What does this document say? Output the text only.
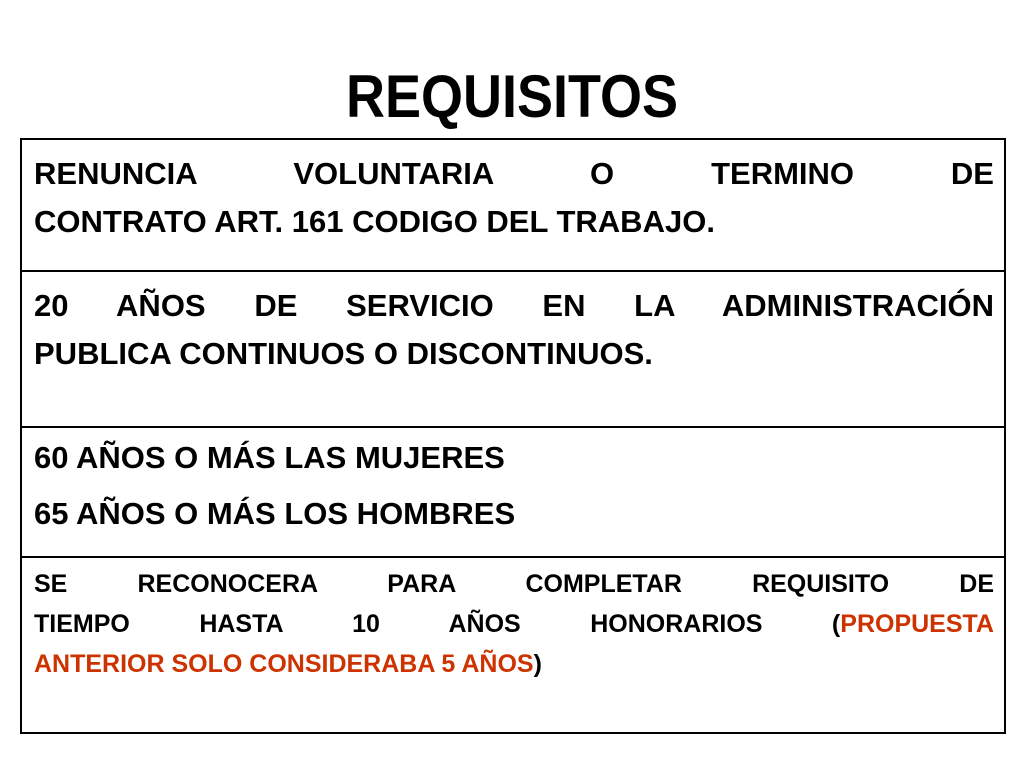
REQUISITOS
RENUNCIA VOLUNTARIA O TERMINO DE
CONTRATO ART. 161 CODIGO DEL TRABAJO.
20 AÑOS DE SERVICIO EN LA ADMINISTRACIÓN
PUBLICA CONTINUOS O DISCONTINUOS.
60 AÑOS O MÁS LAS MUJERES
65 AÑOS O MÁS LOS HOMBRES
SE RECONOCERA PARA COMPLETAR REQUISITO DE
TIEMPO HASTA 10 AÑOS HONORARIOS (PROPUESTA
ANTERIOR SOLO CONSIDERABA 5 AÑOS)
